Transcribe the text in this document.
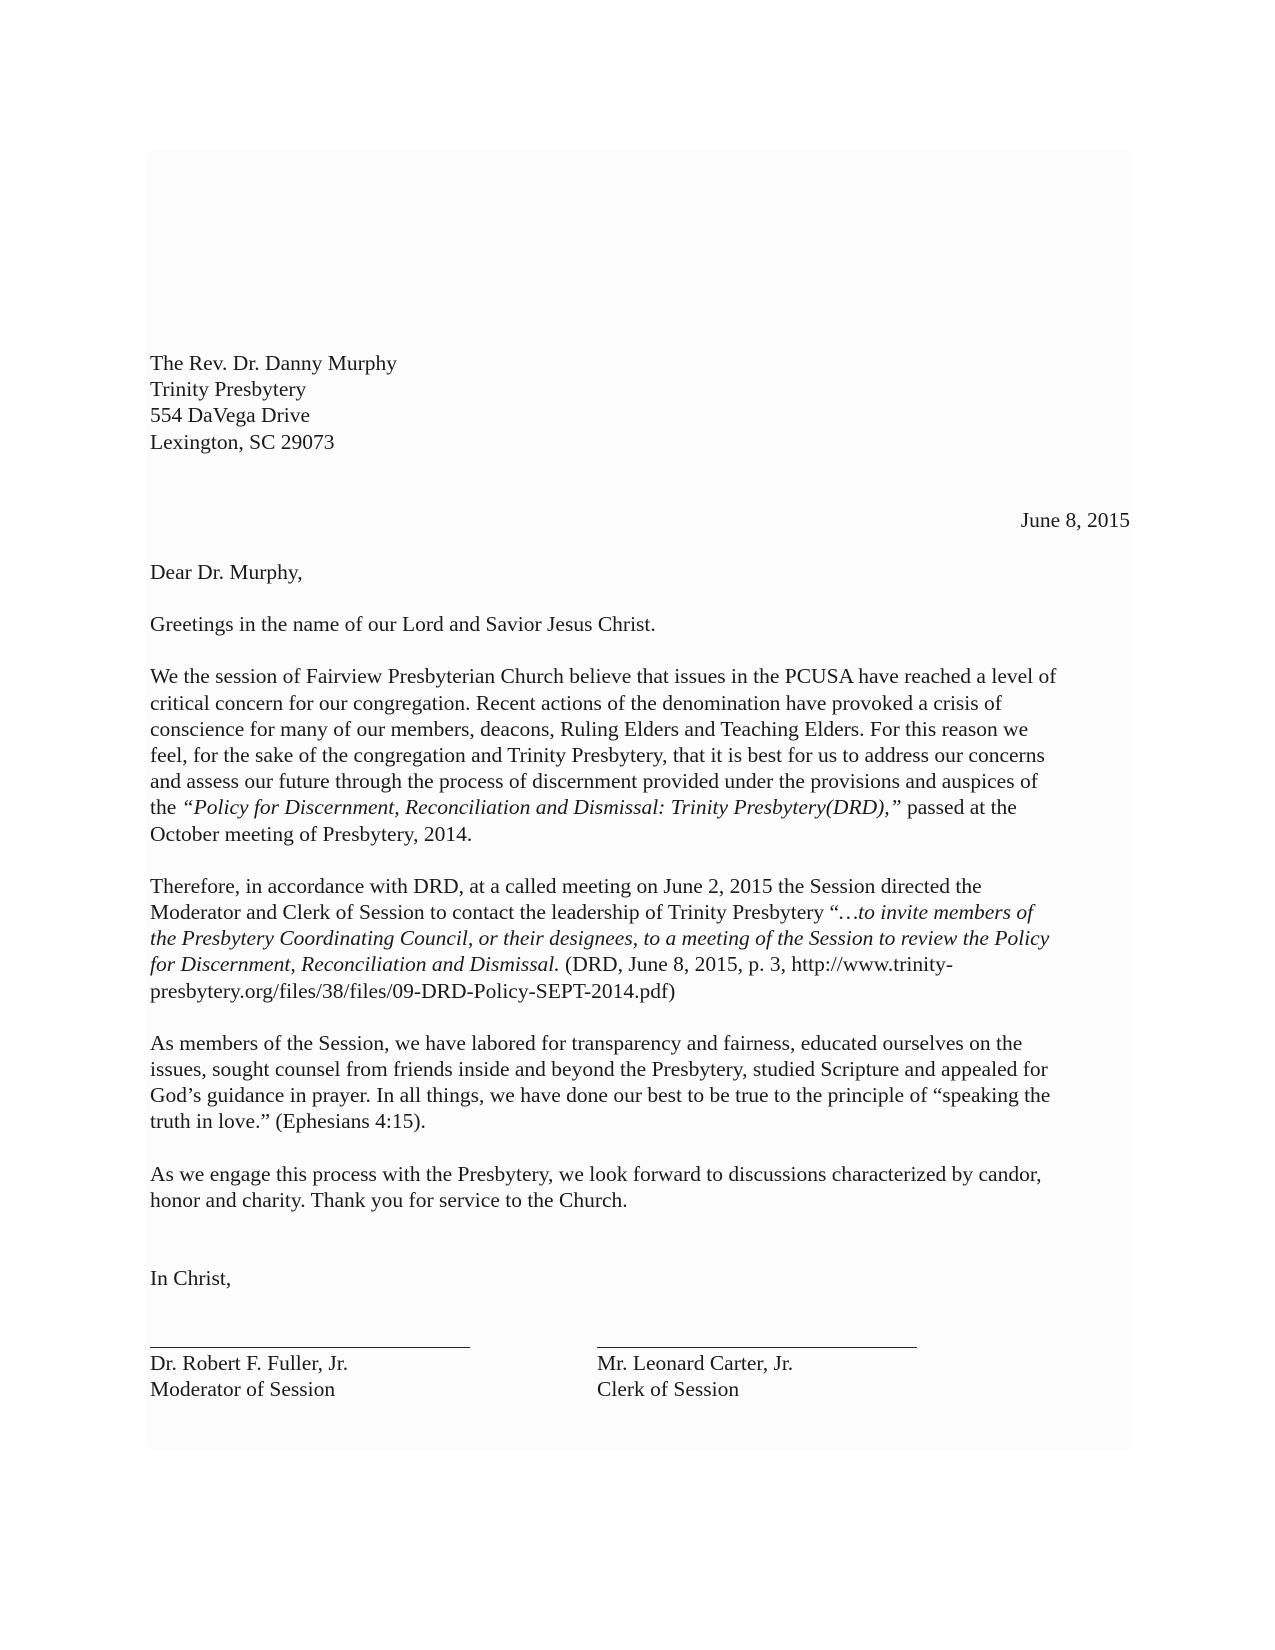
The Rev. Dr. Danny Murphy
Trinity Presbytery
554 DaVega Drive
Lexington, SC 29073
June 8, 2015
Dear Dr. Murphy,
Greetings in the name of our Lord and Savior Jesus Christ.
We the session of Fairview Presbyterian Church believe that issues in the PCUSA have reached a level of
critical concern for our congregation. Recent actions of the denomination have provoked a crisis of
conscience for many of our members, deacons, Ruling Elders and Teaching Elders. For this reason we
feel, for the sake of the congregation and Trinity Presbytery, that it is best for us to address our concerns
and assess our future through the process of discernment provided under the provisions and auspices of
the “Policy for Discernment, Reconciliation and Dismissal: Trinity Presbytery(DRD),” passed at the
October meeting of Presbytery, 2014.
Therefore, in accordance with DRD, at a called meeting on June 2, 2015 the Session directed the
Moderator and Clerk of Session to contact the leadership of Trinity Presbytery “…to invite members of
the Presbytery Coordinating Council, or their designees, to a meeting of the Session to review the Policy
for Discernment, Reconciliation and Dismissal. (DRD, June 8, 2015, p. 3, http://www.trinity-
presbytery.org/files/38/files/09-DRD-Policy-SEPT-2014.pdf)
As members of the Session, we have labored for transparency and fairness, educated ourselves on the
issues, sought counsel from friends inside and beyond the Presbytery, studied Scripture and appealed for
God’s guidance in prayer. In all things, we have done our best to be true to the principle of “speaking the
truth in love.” (Ephesians 4:15).
As we engage this process with the Presbytery, we look forward to discussions characterized by candor,
honor and charity. Thank you for service to the Church.
In Christ,
Dr. Robert F. Fuller, Jr.
Moderator of Session
Mr. Leonard Carter, Jr.
Clerk of Session
